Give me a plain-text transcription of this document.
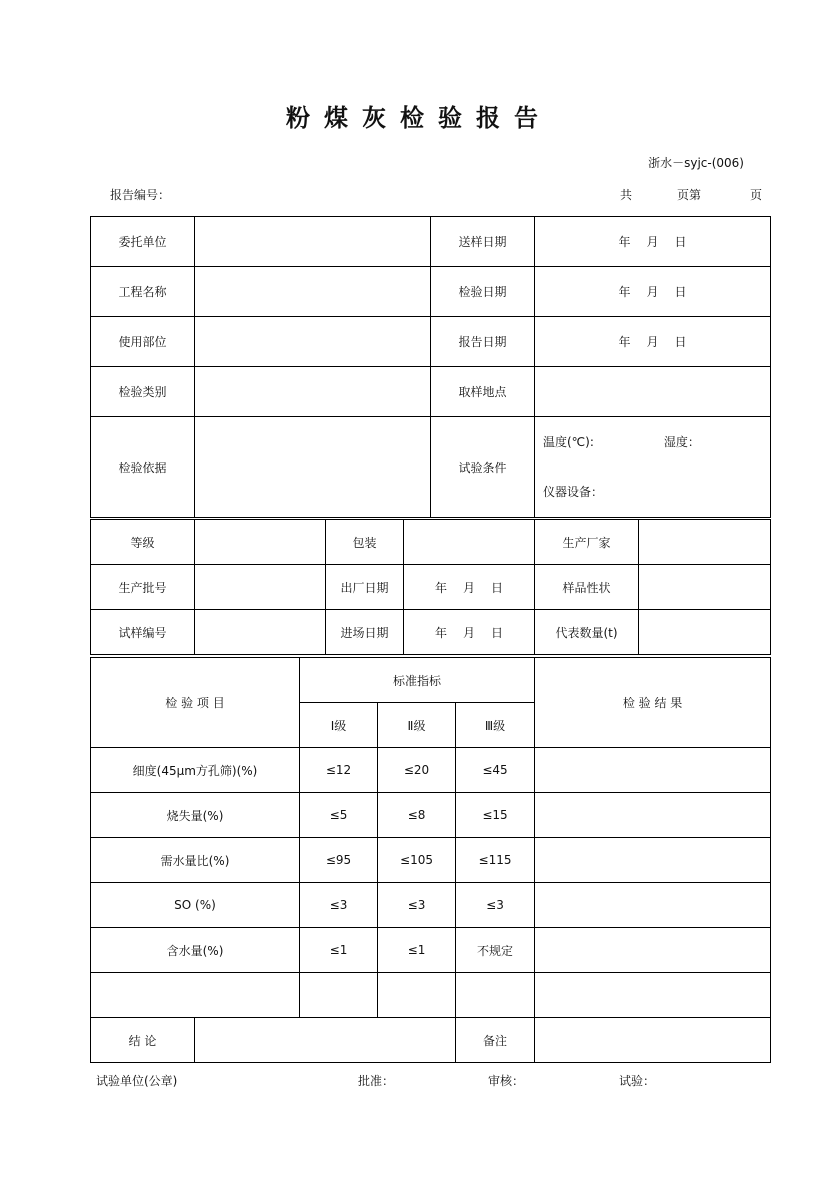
粉煤灰检验报告
浙水－syjc-(006)
报告编号：	共	页第	页
委托单位		送样日期	年 月 日
工程名称		检验日期	年 月 日
使用部位		报告日期	年 月 日
检验类别		取样地点	
检验依据		试验条件	温度(℃): 湿度：
仪器设备：
等级		包装		生产厂家	
生产批号		出厂日期	年 月 日	样品性状	
试样编号		进场日期	年 月 日	代表数量(t)	
检 验 项 目		标准指标			检 验 结 果
		Ⅰ级	Ⅱ级	Ⅲ级	
细度(45μm方孔筛)(%)		≤12	≤20	≤45	
烧失量(%)		≤5	≤8	≤15	
需水量比(%)		≤95	≤105	≤115	
SO (%)		≤3	≤3	≤3	
含水量(%)		≤1	≤1	不规定	

结 论				备注	
试验单位(公章)	批准：	审核：	试验：
